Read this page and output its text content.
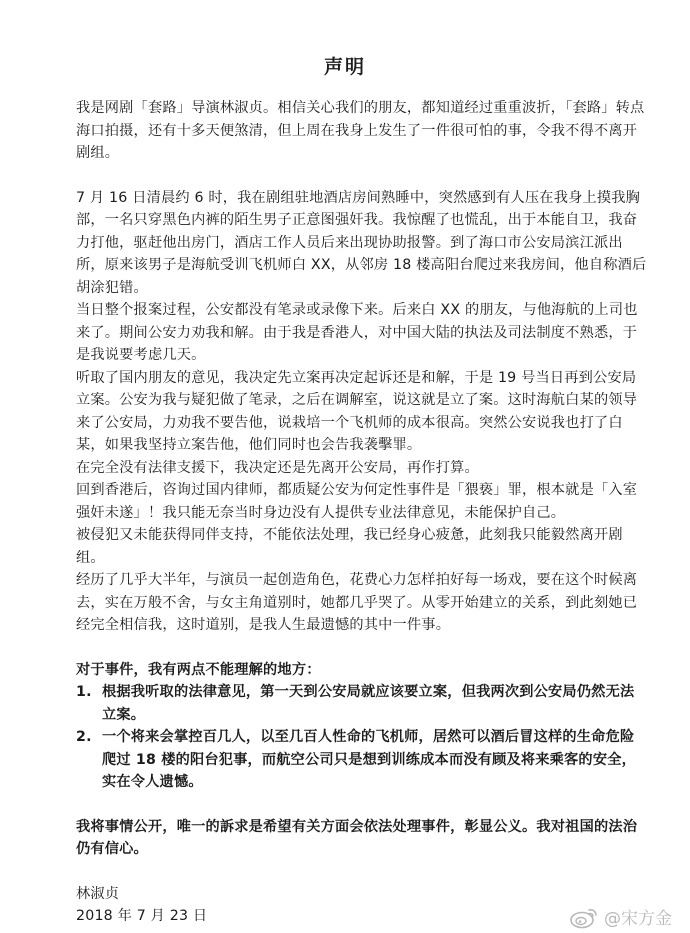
声明

我是网剧「套路」导演林淑贞。相信关心我们的朋友，都知道经过重重波折，「套路」转点海口拍摄，还有十多天便煞清，但上周在我身上发生了一件很可怕的事，令我不得不离开剧组。

7 月 16 日清晨约 6 时，我在剧组驻地酒店房间熟睡中，突然感到有人压在我身上摸我胸部，一名只穿黑色内裤的陌生男子正意图强奸我。我惊醒了也慌乱，出于本能自卫，我奋力打他，驱赶他出房门，酒店工作人员后来出现协助报警。到了海口市公安局滨江派出所，原来该男子是海航受训飞机师白 XX，从邻房 18 楼高阳台爬过来我房间，他自称酒后胡涂犯错。

当日整个报案过程，公安都没有笔录或录像下来。后来白 XX 的朋友，与他海航的上司也来了。期间公安力劝我和解。由于我是香港人，对中国大陆的执法及司法制度不熟悉，于是我说要考虑几天。

听取了国内朋友的意见，我决定先立案再决定起诉还是和解，于是 19 号当日再到公安局立案。公安为我与疑犯做了笔录，之后在调解室，说这就是立了案。这时海航白某的领导来了公安局，力劝我不要告他，说栽培一个飞机师的成本很高。突然公安说我也打了白某，如果我坚持立案告他，他们同时也会告我袭擊罪。

在完全没有法律支援下，我决定还是先离开公安局，再作打算。

回到香港后，咨询过国内律师，都质疑公安为何定性事件是「猥亵」罪，根本就是「入室强奸未遂」！我只能无奈当时身边没有人提供专业法律意见，未能保护自己。

被侵犯又未能获得同伴支持，不能依法处理，我已经身心疲惫，此刻我只能毅然离开剧组。

经历了几乎大半年，与演员一起创造角色，花费心力怎样拍好每一场戏，要在这个时候离去，实在万般不舍，与女主角道别时，她都几乎哭了。从零开始建立的关系，到此刻她已经完全相信我，这时道别，是我人生最遗憾的其中一件事。

对于事件，我有两点不能理解的地方：

1. 根据我听取的法律意见，第一天到公安局就应该要立案，但我两次到公安局仍然无法立案。
2. 一个将来会掌控百几人，以至几百人性命的飞机师，居然可以酒后冒这样的生命危险爬过 18 楼的阳台犯事，而航空公司只是想到训练成本而没有顾及将来乘客的安全，实在令人遗憾。

我将事情公开，唯一的訴求是希望有关方面会依法处理事件，彰显公义。我对祖国的法治仍有信心。

林淑贞
2018 年 7 月 23 日	@宋方金
